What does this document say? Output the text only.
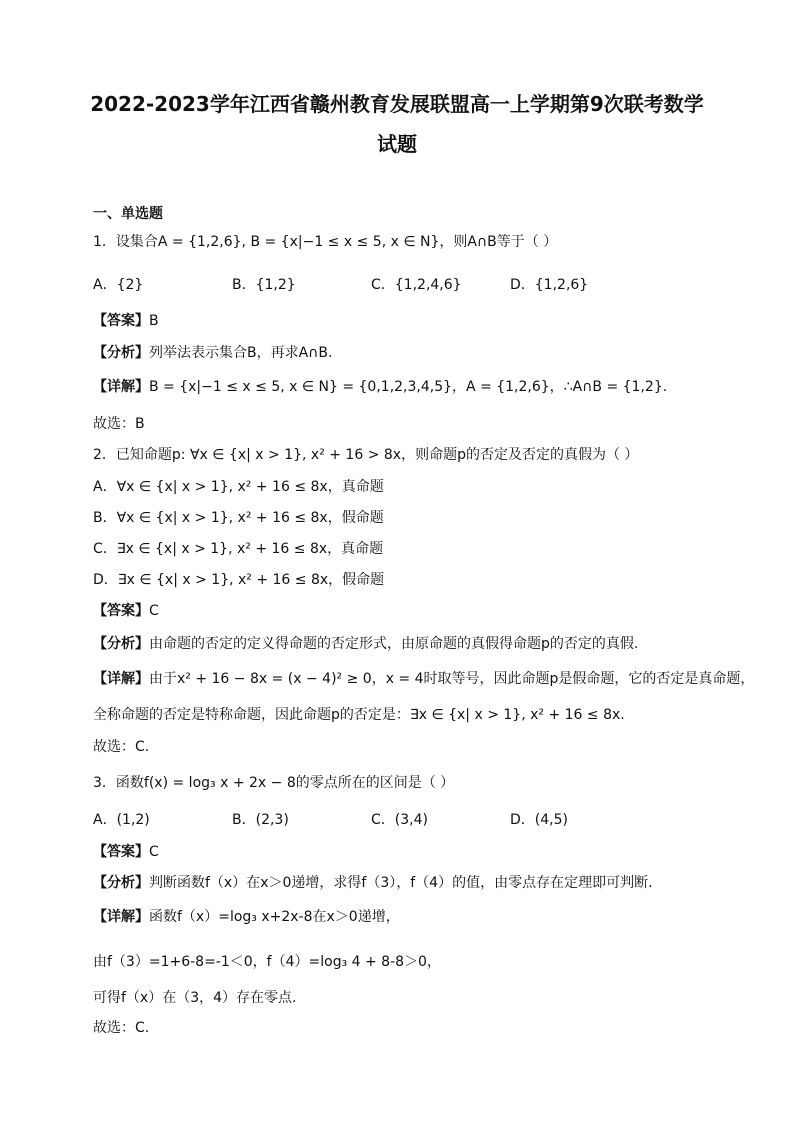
2022-2023学年江西省赣州教育发展联盟高一上学期第9次联考数学
试题
一、单选题
1．设集合A = {1,2,6}, B = {x|−1 ≤ x ≤ 5, x ∈ N}，则A∩B等于（ ）
A．{2}	B．{1,2}	C．{1,2,4,6}	D．{1,2,6}
【答案】B
【分析】列举法表示集合B，再求A∩B.
【详解】B = {x|−1 ≤ x ≤ 5, x ∈ N} = {0,1,2,3,4,5}，A = {1,2,6}，∴A∩B = {1,2}.
故选：B
2．已知命题p: ∀x ∈ {x| x > 1}, x² + 16 > 8x，则命题p的否定及否定的真假为（ ）
A．∀x ∈ {x| x > 1}, x² + 16 ≤ 8x，真命题
B．∀x ∈ {x| x > 1}, x² + 16 ≤ 8x，假命题
C．∃x ∈ {x| x > 1}, x² + 16 ≤ 8x，真命题
D．∃x ∈ {x| x > 1}, x² + 16 ≤ 8x，假命题
【答案】C
【分析】由命题的否定的定义得命题的否定形式，由原命题的真假得命题p的否定的真假.
【详解】由于x² + 16 − 8x = (x − 4)² ≥ 0，x = 4时取等号，因此命题p是假命题，它的否定是真命题，
全称命题的否定是特称命题，因此命题p的否定是：∃x ∈ {x| x > 1}, x² + 16 ≤ 8x.
故选：C.
3．函数f(x) = log₃ x + 2x − 8的零点所在的区间是（ ）
A．(1,2)	B．(2,3)	C．(3,4)	D．(4,5)
【答案】C
【分析】判断函数f（x）在x＞0递增，求得f（3），f（4）的值，由零点存在定理即可判断.
【详解】函数f（x）=log₃ x+2x-8在x＞0递增，
由f（3）=1+6-8=-1＜0，f（4）=log₃ 4 + 8-8＞0，
可得f（x）在（3，4）存在零点.
故选：C.
